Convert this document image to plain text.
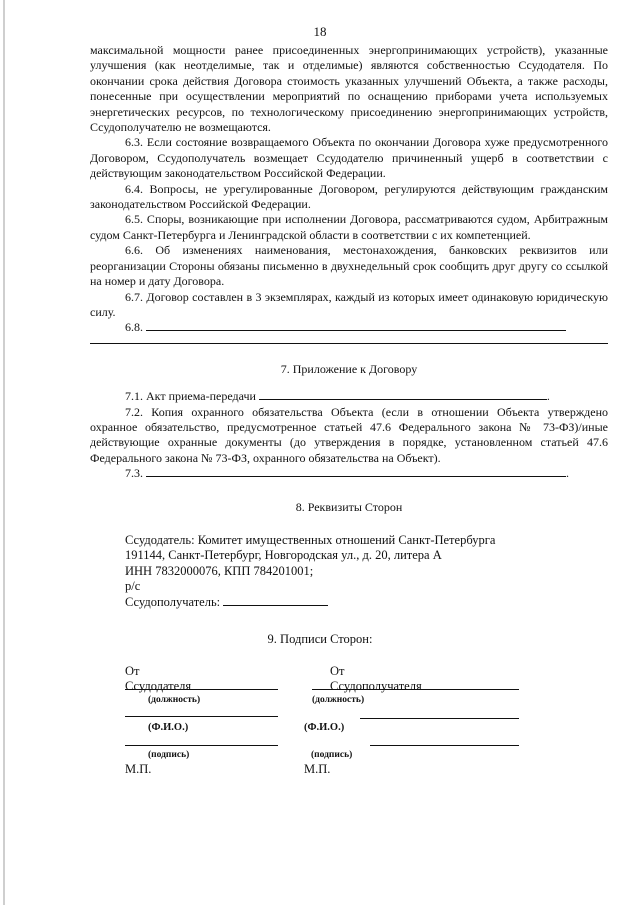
18

максимальной мощности ранее присоединенных энергопринимающих устройств), указанные улучшения (как неотделимые, так и отделимые) являются собственностью Ссудодателя. По окончании срока действия Договора стоимость указанных улучшений Объекта, а также расходы, понесенные при осуществлении мероприятий по оснащению приборами учета используемых энергетических ресурсов, по технологическому присоединению энергопринимающих устройств, Ссудополучателю не возмещаются.

6.3. Если состояние возвращаемого Объекта по окончании Договора хуже предусмотренного Договором, Ссудополучатель возмещает Ссудодателю причиненный ущерб в соответствии с действующим законодательством Российской Федерации.

6.4. Вопросы, не урегулированные Договором, регулируются действующим гражданским законодательством Российской Федерации.

6.5. Споры, возникающие при исполнении Договора, рассматриваются судом, Арбитражным судом Санкт-Петербурга и Ленинградской области в соответствии с их компетенцией.

6.6. Об изменениях наименования, местонахождения, банковских реквизитов или реорганизации Стороны обязаны письменно в двухнедельный срок сообщить друг другу со ссылкой на номер и дату Договора.

6.7. Договор составлен в 3 экземплярах, каждый из которых имеет одинаковую юридическую силу.

6.8.

7. Приложение к Договору

7.1. Акт приема-передачи	.

7.2. Копия охранного обязательства Объекта (если в отношении Объекта утверждено охранное обязательство, предусмотренное статьей 47.6 Федерального закона № 73-ФЗ)/иные действующие охранные документы (до утверждения в порядке, установленном статьей 47.6 Федерального закона № 73-ФЗ, охранного обязательства на Объект).

7.3.	.

8. Реквизиты Сторон

Ссудодатель: Комитет имущественных отношений Санкт-Петербурга

191144, Санкт-Петербург, Новгородская ул., д. 20, литера А

ИНН 7832000076, КПП 784201001;

р/с

Ссудополучатель:

9. Подписи Сторон:
От Ссудодателя
От Ссудополучателя
(должность)	(должность)
(Ф.И.О.)	(Ф.И.О.)
(подпись)	(подпись)
М.П.	М.П.
